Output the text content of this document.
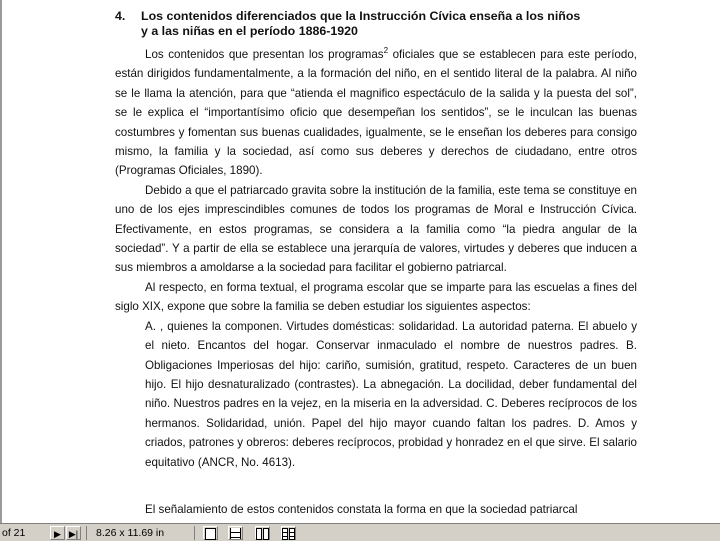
4. Los contenidos diferenciados que la Instrucción Cívica enseña a los niños
y a las niñas en el período 1886-1920

Los contenidos que presentan los programas$^2$ oficiales que se establecen para este período, están dirigidos fundamentalmente, a la formación del niño, en el sentido literal de la palabra. Al niño se le llama la atención, para que “atienda el magnifico espectáculo de la salida y la puesta del sol”, se le explica el “importantísimo oficio que desempeñan los sentidos”, se le inculcan las buenas costumbres y fomentan sus buenas cualidades, igualmente, se le enseñan los deberes para consigo mismo, la familia y la sociedad, así como sus deberes y derechos de ciudadano, entre otros (Programas Oficiales, 1890).

Debido a que el patriarcado gravita sobre la institución de la familia, este tema se constituye en uno de los ejes imprescindibles comunes de todos los programas de Moral e Instrucción Cívica. Efectivamente, en estos programas, se considera a la familia como “la piedra angular de la sociedad”. Y a partir de ella se establece una jerarquía de valores, virtudes y deberes que inducen a sus miembros a amoldarse a la sociedad para facilitar el gobierno patriarcal.

Al respecto, en forma textual, el programa escolar que se imparte para las escuelas a fines del siglo XIX, expone que sobre la familia se deben estudiar los siguientes aspectos:

A. , quienes la componen. Virtudes domésticas: solidaridad. La autoridad paterna. El abuelo y el nieto. Encantos del hogar. Conservar inmaculado el nombre de nuestros padres. B. Obligaciones Imperiosas del hijo: cariño, sumisión, gratitud, respeto. Caracteres de un buen hijo. El hijo desnaturalizado (contrastes). La abnegación. La docilidad, deber fundamental del niño. Nuestros padres en la vejez, en la miseria en la adversidad. C. Deberes recíprocos de los hermanos. Solidaridad, unión. Papel del hijo mayor cuando faltan los padres. D. Amos y criados, patrones y obreros: deberes recíprocos, probidad y honradez en el que sirve. El salario equitativo (ANCR, No. 4613).

El señalamiento de estos contenidos constata la forma en que la sociedad patriarcal

of 21	▶ ▶| 8.26 x 11.69 in
